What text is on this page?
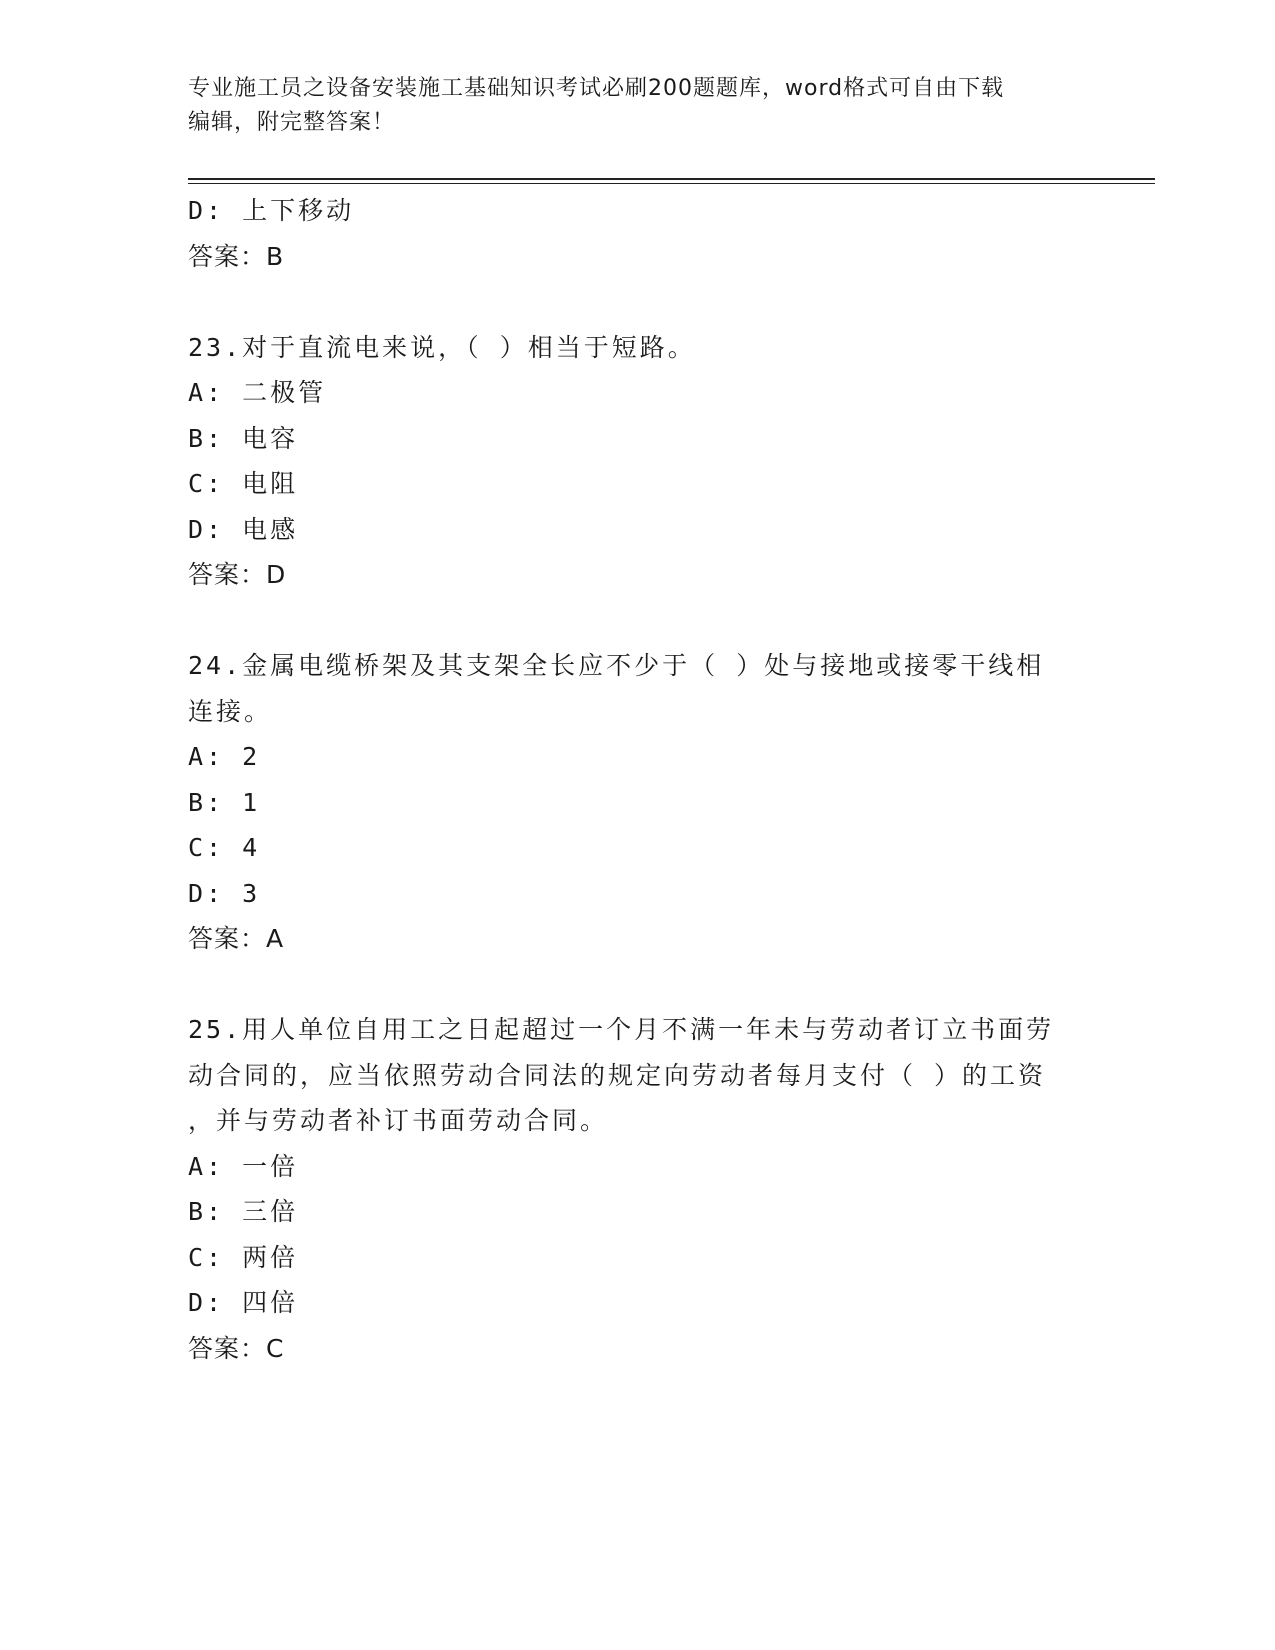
专业施工员之设备安装施工基础知识考试必刷200题题库，word格式可自由下载
编辑，附完整答案！
D: 上下移动
答案：B
23.对于直流电来说，（ ）相当于短路。
A: 二极管
B: 电容
C: 电阻
D: 电感
答案：D
24.金属电缆桥架及其支架全长应不少于（ ）处与接地或接零干线相
连接。
A: 2
B: 1
C: 4
D: 3
答案：A
25.用人单位自用工之日起超过一个月不满一年未与劳动者订立书面劳
动合同的，应当依照劳动合同法的规定向劳动者每月支付（ ）的工资
，并与劳动者补订书面劳动合同。
A: 一倍
B: 三倍
C: 两倍
D: 四倍
答案：C
